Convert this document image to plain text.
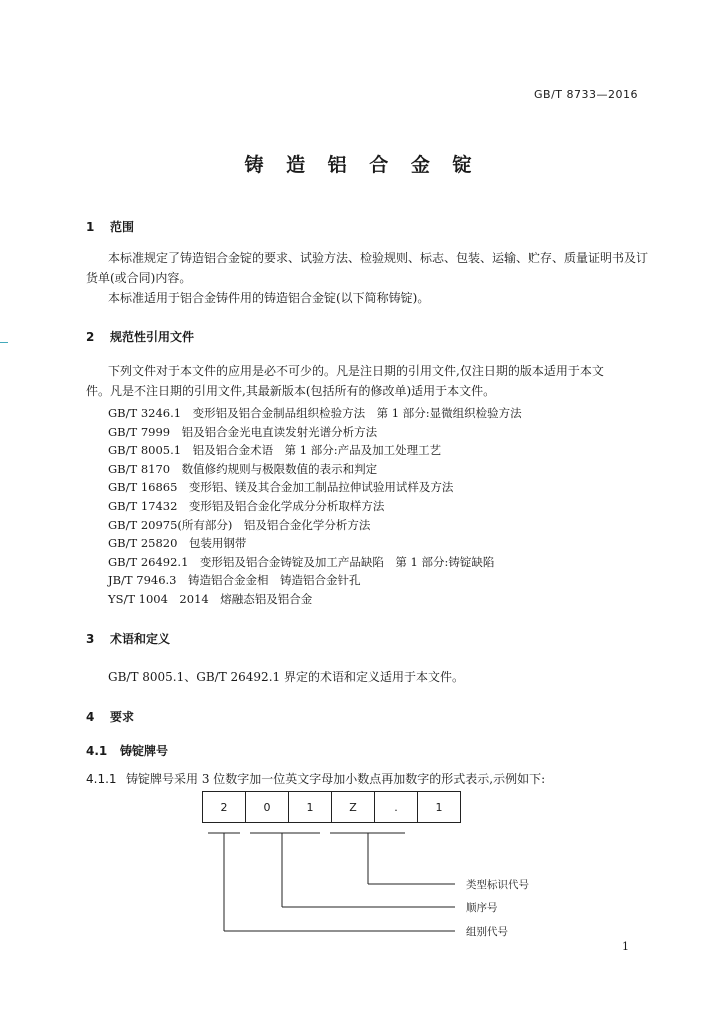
GB/T 8733—2016
铸 造 铝 合 金 锭
1 范围
本标准规定了铸造铝合金锭的要求、试验方法、检验规则、标志、包装、运输、贮存、质量证明书及订
货单(或合同)内容。
本标准适用于铝合金铸件用的铸造铝合金锭(以下简称铸锭)。
2 规范性引用文件
下列文件对于本文件的应用是必不可少的。凡是注日期的引用文件,仅注日期的版本适用于本文
件。凡是不注日期的引用文件,其最新版本(包括所有的修改单)适用于本文件。
GB/T 3246.1　变形铝及铝合金制品组织检验方法　第 1 部分:显微组织检验方法
GB/T 7999　铝及铝合金光电直读发射光谱分析方法
GB/T 8005.1　铝及铝合金术语　第 1 部分:产品及加工处理工艺
GB/T 8170　数值修约规则与极限数值的表示和判定
GB/T 16865　变形铝、镁及其合金加工制品拉伸试验用试样及方法
GB/T 17432　变形铝及铝合金化学成分分析取样方法
GB/T 20975(所有部分)　铝及铝合金化学分析方法
GB/T 25820　包装用钢带
GB/T 26492.1　变形铝及铝合金铸锭及加工产品缺陷　第 1 部分:铸锭缺陷
JB/T 7946.3　铸造铝合金金相　铸造铝合金针孔
YS/T 1004　2014　熔融态铝及铝合金
3 术语和定义
GB/T 8005.1、GB/T 26492.1 界定的术语和定义适用于本文件。
4 要求
4.1 铸锭牌号
4.1.1 铸锭牌号采用 3 位数字加一位英文字母加小数点再加数字的形式表示,示例如下:
2	0	1	Z	.	1
类型标识代号
顺序号
组别代号
1
